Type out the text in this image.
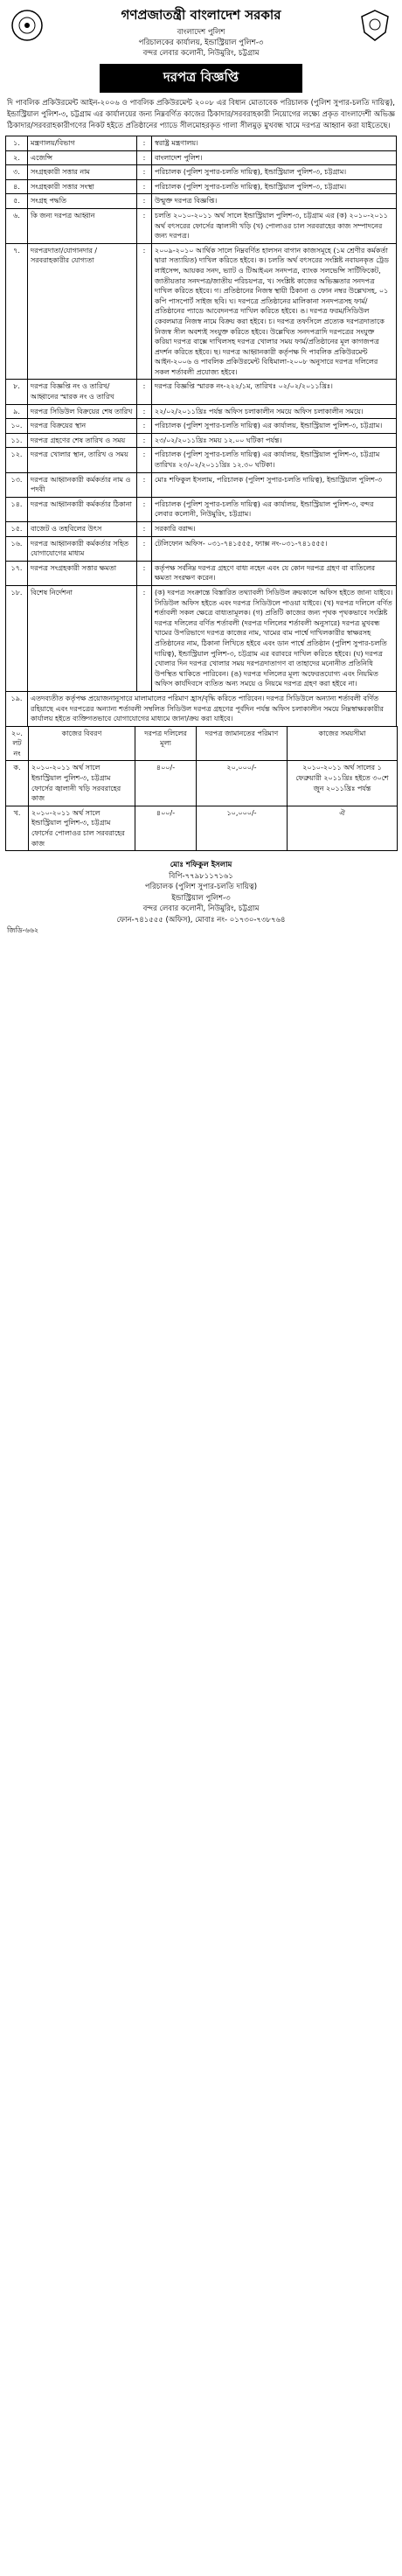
গণপ্রজাতন্ত্রী বাংলাদেশ সরকার
বাংলাদেশ পুলিশ
পরিচালকের কার্যালয়, ইন্ডাস্ট্রিয়াল পুলিশ-৩
বন্দর লেবার কলোনী, নিউমুরিং, চট্টগ্রাম
দরপত্র বিজ্ঞপ্তি
দি পাবলিক প্রকিউরমেন্ট আইন-২০০৬ ও পাবলিক প্রকিউরমেন্ট ২০০৮ এর বিধান মোতাবেক পরিচালক (পুলিশ সুপার-চলতি দায়িত্ব), ইন্ডাস্ট্রিয়াল পুলিশ-৩, চট্টগ্রাম এর কার্যালয়ের জন্য নিম্নবর্ণিত কাজের ঠিকাদার/সরবরাহকারী নিয়োগের লক্ষ্যে প্রকৃত বাংলাদেশী অভিজ্ঞ ঠিকাদার/সরবরাহকারীগণের নিকট হইতে প্রতিষ্ঠানের প্যাডে সীলমোহরকৃত গালা সীলমুড় মুখবন্ধ খামে দরপত্র আহ্বান করা যাইতেছে।
১.	মন্ত্রণালয়/বিভাগ	:	স্বরাষ্ট্র মন্ত্রণালয়।
২.	এজেন্সি	:	বাংলাদেশ পুলিশ।
৩.	সংগ্রহকারী সত্তার নাম	:	পরিচালক (পুলিশ সুপার-চলতি দায়িত্ব), ইন্ডাস্ট্রিয়াল পুলিশ-৩, চট্টগ্রাম।
৪.	সংগ্রহকারী সত্তার সংস্থা	:	পরিচালক (পুলিশ সুপার-চলতি দায়িত্ব), ইন্ডাস্ট্রিয়াল পুলিশ-৩, চট্টগ্রাম।
৫.	সংগ্রহ পদ্ধতি	:	উন্মুক্ত দরপত্র বিজ্ঞপ্তি।
৬.	কি জন্য দরপত্র আহ্বান	:	চলতি ২০১০-২০১১ অর্থ সালে ইন্ডাস্ট্রিয়াল পুলিশ-৩, চট্টগ্রাম এর (ক) ২০১০-২০১১ অর্থ বৎসরের ফোর্সের জ্বালানী খড়ি (খ) পোলাওর চাল সরবরাহের কাজ সম্পাদনের জন্য দরপত্র।
৭.	দরপত্রদাতা/যোগানদার /সরবরাহকারীর যোগ্যতা	:	২০০৯-২০১০ আর্থিক সালে নিম্নবর্ণিত হালসন বাগান কাজসমূহে (১ম শ্রেণীর কর্মকর্তা দ্বারা সত্যায়িত) দাখিল করিতে হইবে। ক। চলতি অর্থ বৎসরের সংশ্লিষ্ট নবায়নকৃত ট্রেড লাইসেন্স, আয়কর সনদ, ভ্যাট ও টিআইএন সনদপত্র, ব্যাংক সলভেন্সি সার্টিফিকেট, জাতীয়তার সনদপত্র/জাতীয় পরিচয়পত্র, খ। সংশ্লিষ্ট কাজের অভিজ্ঞতার সনদপত্র দাখিল করিতে হইবে। গ। প্রতিষ্ঠানের নিজস্ব স্থায়ী ঠিকানা ও ফোন নম্বর উল্লেখসহ, ০১ কপি পাসপোর্ট সাইজ ছবি। ঘ। দরপত্রে প্রতিষ্ঠানের মালিকানা সনদপত্রসহ ফার্ম/প্রতিষ্ঠানের প্যাডে আবেদনপত্র দাখিল করিতে হইবে। ঙ। দরপত্র ফরম/সিডিউল কেবলমাত্র নিজস্ব নামে বিক্রয় করা হইবে। চ। দরপত্র তফসিলে প্রত্যেক দরপত্রদাতাকে নিজস্ব সীল অবশ্যই সংযুক্ত করিতে হইবে। উল্লেখিত সনদপত্রাদি দরপত্রের সংযুক্ত করিয়া দরপত্র বাক্সে দাখিলসহ দরপত্র খোলার সময় ফার্ম/প্রতিষ্ঠানের মূল কাগজপত্র প্রদর্শন করিতে হইবে। ছ। দরপত্র আহ্বানকারী কর্তৃপক্ষ দি পাবলিক প্রকিউরমেন্ট আইন-২০০৬ ও পাবলিক প্রকিউরমেন্ট বিধিমালা-২০০৮ অনুসারে দরপত্র দলিলের সকল শর্তাবলী প্রযোজ্য হইবে।
৮.	দরপত্র বিজ্ঞপ্তি নং ও তারিখ/আহ্বানের স্মারক নং ও তারিখ	:	দরপত্র বিজ্ঞপ্তি স্মারক নং-২২২/১ম, তারিখঃ ০২/০২/২০১১খ্রিঃ।
৯.	দরপত্র সিডিউল বিক্রয়ের শেষ তারিখ	:	২২/০২/২০১১খ্রিঃ পর্যন্ত অফিস চলাকালীন সময়ে অফিস চলাকালীন সময়ে।
১০.	দরপত্র বিক্রয়ের স্থান	:	পরিচালক (পুলিশ সুপার-চলতি দায়িত্ব) এর কার্যালয়, ইন্ডাস্ট্রিয়াল পুলিশ-৩, চট্টগ্রাম।
১১.	দরপত্র গ্রহণের শেষ তারিখ ও সময়	:	২৩/০২/২০১১খ্রিঃ সময় ১২.০০ ঘটিকা পর্যন্ত।
১২.	দরপত্র খোলার স্থান, তারিখ ও সময়	:	পরিচালক (পুলিশ সুপার-চলতি দায়িত্ব) এর কার্যালয়, ইন্ডাস্ট্রিয়াল পুলিশ-৩, চট্টগ্রাম তারিখঃ ২৩/০২/২০১১খ্রিঃ ১২.৩০ ঘটিকা।
১৩.	দরপত্র আহ্বানকারী কর্মকর্তার নাম ও পদবী	:	মোঃ শফিকুল ইসলাম, পরিচালক (পুলিশ সুপার-চলতি দায়িত্ব), ইন্ডাস্ট্রিয়াল পুলিশ-৩
১৪.	দরপত্র আহ্বানকারী কর্মকর্তার ঠিকানা	:	পরিচালক (পুলিশ সুপার-চলতি দায়িত্ব) এর কার্যালয়, ইন্ডাস্ট্রিয়াল পুলিশ-৩, বন্দর লেবার কলোনী, নিউমুরিং, চট্টগ্রাম।
১৫.	বাজেট ও তহবিলের উৎস	:	সরকারি বরাদ্দ।
১৬.	দরপত্র আহ্বানকারী কর্মকর্তার সহিত যোগাযোগের মাধ্যম	:	টেলিফোন অফিস- ০৩১-৭৪১৫৫৫, ফ্যাক্স নং-০৩১-৭৪১৫৫৫।
১৭.	দরপত্র সংগ্রহকারী সত্তার ক্ষমতা	:	কর্তৃপক্ষ সর্বনিম্ন দরপত্র গ্রহণে বাধ্য নহেন এবং যে কোন দরপত্র গ্রহণ বা বাতিলের ক্ষমতা সংরক্ষণ করেন।
১৮.	বিশেষ নির্দেশনা	:	(ক) দরপত্র সংক্রান্তে বিস্তারিত তথ্যাবলী সিডিউল ক্রয়কালে অফিস হইতে জানা যাইবে। সিডিউল অফিস হইতে এবং দরপত্র সিডিউলে পাওয়া যাইবে। (খ) দরপত্র দলিলে বর্ণিত শর্তাবলী সকল ক্ষেত্রে বাধ্যতামূলক। (গ) প্রতিটি কাজের জন্য পৃথক পৃথকভাবে সংশ্লিষ্ট দরপত্র দলিলের বর্ণিত শর্তাবলী (দরপত্র দলিলের শর্তাবলী অনুসারে) দরপত্র মুখবন্ধ খামের উপরিভাগে দরপত্র কাজের নাম, খামের বাম পার্শ্বে দাখিলকারীর স্বাক্ষরসহ প্রতিষ্ঠানের নাম, ঠিকানা লিখিতে হইবে এবং ডান পার্শ্বে প্রতিষ্ঠান (পুলিশ সুপার-চলতি দায়িত্ব), ইন্ডাস্ট্রিয়াল পুলিশ-৩, চট্টগ্রাম এর বরাবরে দাখিল করিতে হইবে। (ঘ) দরপত্র খোলার দিন দরপত্র খোলার সময় দরপত্রদাতাগণ বা তাহাদের মনোনীত প্রতিনিধি উপস্থিত থাকিতে পারিবেন। (ঙ) দরপত্র দলিলের মূল্য অফেরতযোগ্য এবং নিয়মিত অফিস কার্যদিবসে ব্যতিত অন্য সময়ে ও নিয়মে দরপত্র গ্রহণ করা হইবে না।
১৯.	এতদব্যতীত কর্তৃপক্ষ প্রয়োজনানুসারে মালামালের পরিমাণ হ্রাস/বৃদ্ধি করিতে পারিবেন। দরপত্র সিডিউলে অন্যান্য শর্তাবলী বর্ণিত রহিয়াছে এবং দরপত্রের অন্যান্য শর্তাবলী সম্বলিত সিডিউল দরপত্র গ্রহণের পূর্বদিন পর্যন্ত অফিস চলাকালীন সময়ে নিম্নস্বাক্ষরকারীর কার্যালয় হইতে ব্যক্তিগতভাবে যোগাযোগের মাধ্যমে জানা/ক্রয় করা যাইবে।		
২০. লট নং	কাজের বিবরণ	দরপত্র দলিলের মূল্য	দরপত্র জামানতের পরিমাণ	কাজের সময়সীমা
ক.	২০১০-২০১১ অর্থ সালে ইন্ডাস্ট্রিয়াল পুলিশ-৩, চট্টগ্রাম ফোর্সের জ্বালানী খড়ি সরবরাহের কাজ	৪০০/-	২০,০০০/-	২০১০-২০১১ অর্থ সালের ১ ফেব্রুয়ারী ২০১১খ্রিঃ হইতে ৩০শে জুন ২০১১খ্রিঃ পর্যন্ত
খ.	২০১০-২০১১ অর্থ সালে ইন্ডাস্ট্রিয়াল পুলিশ-৩, চট্টগ্রাম ফোর্সের পোলাওর চাল সরবরাহের কাজ	৪০০/-	১০,০০০/-	ঐ
মোঃ শফিকুল ইসলাম
বিপি-৭৭৯৮১১৭১৬১
পরিচালক (পুলিশ সুপার-চলতি দায়িত্ব)
ইন্ডাস্ট্রিয়াল পুলিশ-৩
বন্দর লেবার কলোনী, নিউমুরিং, চট্টগ্রাম
ফোন-৭৪১৫৫৫ (অফিস), মোবাঃ নং- ০১৭৩০-৭৩৮৭৬৪
জিডি-৬৬২
